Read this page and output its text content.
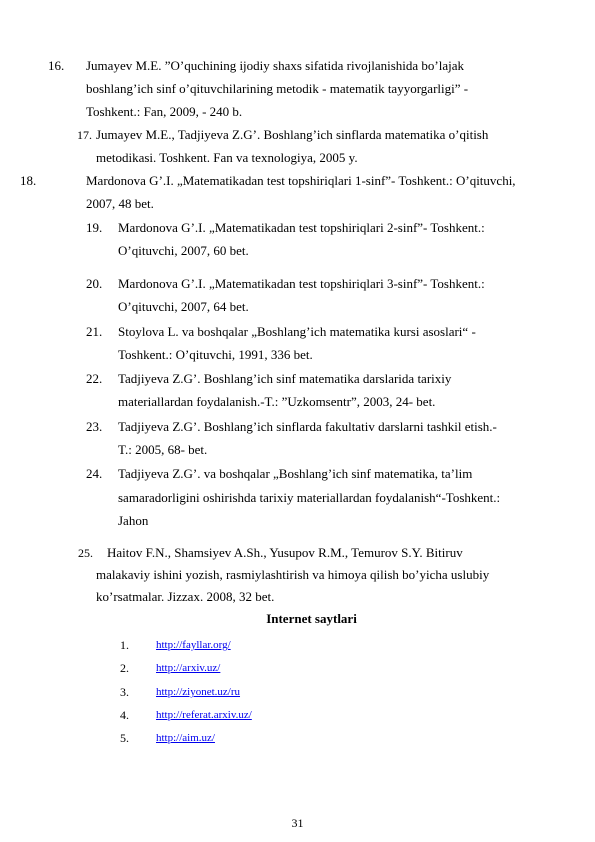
16. Jumayev M.E. ”O’quchining ijodiy shaxs sifatida rivojlanishida bo’lajak
boshlang’ich sinf o’qituvchilarining metodik - matematik tayyorgarligi” -
Toshkent.: Fan, 2009, - 240 b.
17. Jumayev M.E., Tadjiyeva Z.G’. Boshlang’ich sinflarda matematika o’qitish
metodikasi. Toshkent. Fan va texnologiya, 2005 y.
18.	Mardonova G’.I. „Matematikadan test topshiriqlari 1-sinf”- Toshkent.: O’qituvchi,
2007, 48 bet.
19. Mardonova G’.I. „Matematikadan test topshiriqlari 2-sinf”- Toshkent.:
O’qituvchi, 2007, 60 bet.
20. Mardonova G’.I. „Matematikadan test topshiriqlari 3-sinf”- Toshkent.:
O’qituvchi, 2007, 64 bet.
21. Stoylova L. va boshqalar „Boshlang’ich matematika kursi asoslari“ -
Toshkent.: O’qituvchi, 1991, 336 bet.
22. Tadjiyeva Z.G’. Boshlang’ich sinf matematika darslarida tarixiy
materiallardan foydalanish.-T.: ”Uzkomsentr”, 2003, 24- bet.
23. Tadjiyeva Z.G’. Boshlang’ich sinflarda fakultativ darslarni tashkil etish.-
T.: 2005, 68- bet.
24. Tadjiyeva Z.G’. va boshqalar „Boshlang’ich sinf matematika, ta’lim
samaradorligini oshirishda tarixiy materiallardan foydalanish“-Toshkent.:
Jahon
25. Haitov F.N., Shamsiyev A.Sh., Yusupov R.M., Temurov S.Y. Bitiruv
malakaviy ishini yozish, rasmiylashtirish va himoya qilish bo’yicha uslubiy
ko’rsatmalar. Jizzax. 2008, 32 bet.
Internet saytlari
1. http://fayllar.org/
2. http://arxiv.uz/
3. http://ziyonet.uz/ru
4. http://referat.arxiv.uz/
5. http://aim.uz/
31
